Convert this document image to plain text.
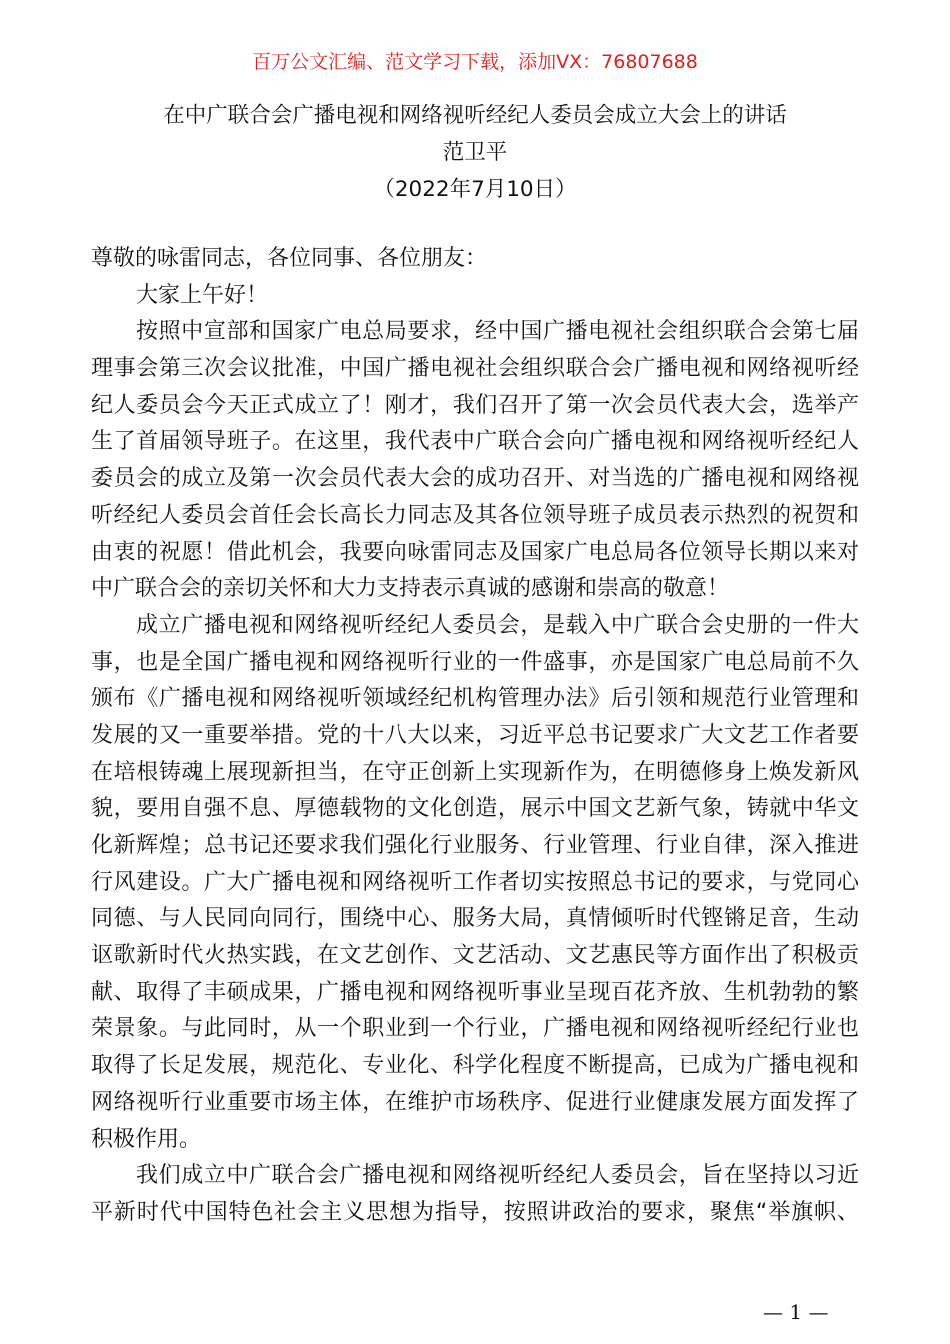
百万公文汇编、范文学习下载，添加VX：76807688
在中广联合会广播电视和网络视听经纪人委员会成立大会上的讲话
范卫平
（2022年7月10日）
尊敬的咏雷同志，各位同事、各位朋友：
大家上午好！
按照中宣部和国家广电总局要求，经中国广播电视社会组织联合会第七届
理事会第三次会议批准，中国广播电视社会组织联合会广播电视和网络视听经
纪人委员会今天正式成立了！刚才，我们召开了第一次会员代表大会，选举产
生了首届领导班子。在这里，我代表中广联合会向广播电视和网络视听经纪人
委员会的成立及第一次会员代表大会的成功召开、对当选的广播电视和网络视
听经纪人委员会首任会长高长力同志及其各位领导班子成员表示热烈的祝贺和
由衷的祝愿！借此机会，我要向咏雷同志及国家广电总局各位领导长期以来对
中广联合会的亲切关怀和大力支持表示真诚的感谢和崇高的敬意！
成立广播电视和网络视听经纪人委员会，是载入中广联合会史册的一件大
事，也是全国广播电视和网络视听行业的一件盛事，亦是国家广电总局前不久
颁布《广播电视和网络视听领域经纪机构管理办法》后引领和规范行业管理和
发展的又一重要举措。党的十八大以来，习近平总书记要求广大文艺工作者要
在培根铸魂上展现新担当，在守正创新上实现新作为，在明德修身上焕发新风
貌，要用自强不息、厚德载物的文化创造，展示中国文艺新气象，铸就中华文
化新辉煌；总书记还要求我们强化行业服务、行业管理、行业自律，深入推进
行风建设。广大广播电视和网络视听工作者切实按照总书记的要求，与党同心
同德、与人民同向同行，围绕中心、服务大局，真情倾听时代铿锵足音，生动
讴歌新时代火热实践，在文艺创作、文艺活动、文艺惠民等方面作出了积极贡
献、取得了丰硕成果，广播电视和网络视听事业呈现百花齐放、生机勃勃的繁
荣景象。与此同时，从一个职业到一个行业，广播电视和网络视听经纪行业也
取得了长足发展，规范化、专业化、科学化程度不断提高，已成为广播电视和
网络视听行业重要市场主体，在维护市场秩序、促进行业健康发展方面发挥了
积极作用。
我们成立中广联合会广播电视和网络视听经纪人委员会，旨在坚持以习近
平新时代中国特色社会主义思想为指导，按照讲政治的要求，聚焦“举旗帜、
— 1 —
